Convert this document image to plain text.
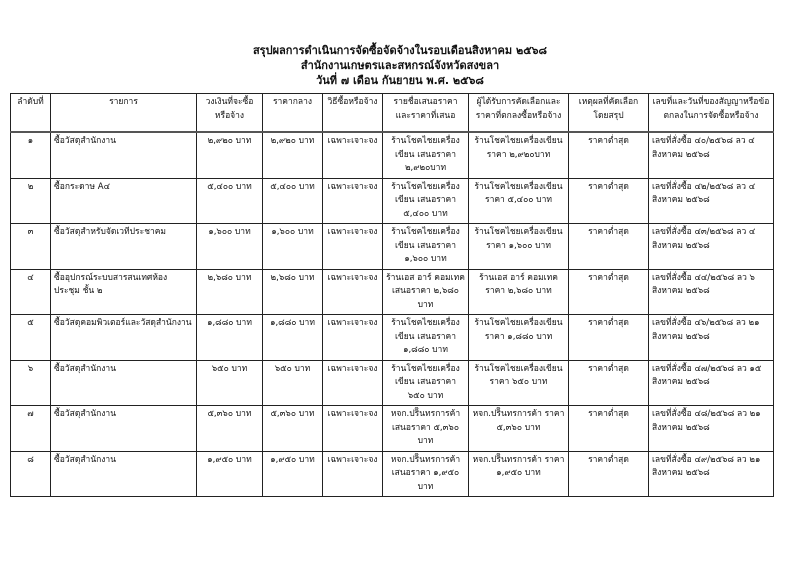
สรุปผลการดำเนินการจัดซื้อจัดจ้างในรอบเดือนสิงหาคม ๒๕๖๘
สำนักงานเกษตรและสหกรณ์จังหวัดสงขลา
วันที่ ๗ เดือน กันยายน พ.ศ. ๒๕๖๘
ลำดับที่	รายการ	วงเงินที่จะซื้อหรือจ้าง	ราคากลาง	วิธีซื้อหรือจ้าง	รายชื่อเสนอราคาและราคาที่เสนอ	ผู้ได้รับการคัดเลือกและราคาที่ตกลงซื้อหรือจ้าง	เหตุผลที่คัดเลือกโดยสรุป	เลขที่และวันที่ของสัญญาหรือข้อตกลงในการจัดซื้อหรือจ้าง
๑	ซื้อวัสดุสำนักงาน	๒,๙๒๐ บาท	๒,๙๒๐ บาท	เฉพาะเจาะจง	ร้านโชคไชยเครื่องเขียน เสนอราคา ๒,๙๒๐บาท	ร้านโชคไชยเครื่องเขียน ราคา ๒,๙๒๐บาท	ราคาต่ำสุด	เลขที่สั่งซื้อ ๔๐/๒๕๖๘ ลว ๔ สิงหาคม ๒๕๖๘
๒	ซื้อกระดาษ A๔	๕,๔๐๐ บาท	๕,๔๐๐ บาท	เฉพาะเจาะจง	ร้านโชคไชยเครื่องเขียน เสนอราคา ๕,๔๐๐ บาท	ร้านโชคไชยเครื่องเขียน ราคา ๕,๔๐๐ บาท	ราคาต่ำสุด	เลขที่สั่งซื้อ ๔๒/๒๕๖๘ ลว ๔ สิงหาคม ๒๕๖๘
๓	ซื้อวัสดุสำหรับจัดเวทีประชาคม	๑,๖๐๐ บาท	๑,๖๐๐ บาท	เฉพาะเจาะจง	ร้านโชคไชยเครื่องเขียน เสนอราคา ๑,๖๐๐ บาท	ร้านโชคไชยเครื่องเขียน ราคา ๑,๖๐๐ บาท	ราคาต่ำสุด	เลขที่สั่งซื้อ ๔๓/๒๕๖๘ ลว ๔ สิงหาคม ๒๕๖๘
๔	ซื้ออุปกรณ์ระบบสารสนเทศห้องประชุม ชั้น ๒	๒,๖๘๐ บาท	๒,๖๘๐ บาท	เฉพาะเจาะจง	ร้านเอส อาร์ คอมเทค เสนอราคา ๒,๖๘๐ บาท	ร้านเอส อาร์ คอมเทค ราคา ๒,๖๘๐ บาท	ราคาต่ำสุด	เลขที่สั่งซื้อ ๔๔/๒๕๖๘ ลว ๖ สิงหาคม ๒๕๖๘
๕	ซื้อวัสดุคอมพิวเตอร์และวัสดุสำนักงาน	๑,๘๘๐ บาท	๑,๘๘๐ บาท	เฉพาะเจาะจง	ร้านโชคไชยเครื่องเขียน เสนอราคา ๑,๘๘๐ บาท	ร้านโชคไชยเครื่องเขียน ราคา ๑,๘๘๐ บาท	ราคาต่ำสุด	เลขที่สั่งซื้อ ๔๖/๒๕๖๘ ลว ๒๑ สิงหาคม ๒๕๖๘
๖	ซื้อวัสดุสำนักงาน	๖๕๐ บาท	๖๕๐ บาท	เฉพาะเจาะจง	ร้านโชคไชยเครื่องเขียน เสนอราคา ๖๕๐ บาท	ร้านโชคไชยเครื่องเขียน ราคา ๖๕๐ บาท	ราคาต่ำสุด	เลขที่สั่งซื้อ ๔๗/๒๕๖๘ ลว ๑๕ สิงหาคม ๒๕๖๘
๗	ซื้อวัสดุสำนักงาน	๕,๓๖๐ บาท	๕,๓๖๐ บาท	เฉพาะเจาะจง	หจก.ปริินทรการค้า เสนอราคา ๕,๓๖๐ บาท	หจก.ปริินทรการค้า ราคา ๕,๓๖๐ บาท	ราคาต่ำสุด	เลขที่สั่งซื้อ ๔๘/๒๕๖๘ ลว ๒๑ สิงหาคม ๒๕๖๘
๘	ซื้อวัสดุสำนักงาน	๑,๙๕๐ บาท	๑,๙๕๐ บาท	เฉพาะเจาะจง	หจก.ปริินทรการค้า เสนอราคา ๑,๙๕๐ บาท	หจก.ปริินทรการค้า ราคา ๑,๙๕๐ บาท	ราคาต่ำสุด	เลขที่สั่งซื้อ ๔๙/๒๕๖๘ ลว ๒๑ สิงหาคม ๒๕๖๘
